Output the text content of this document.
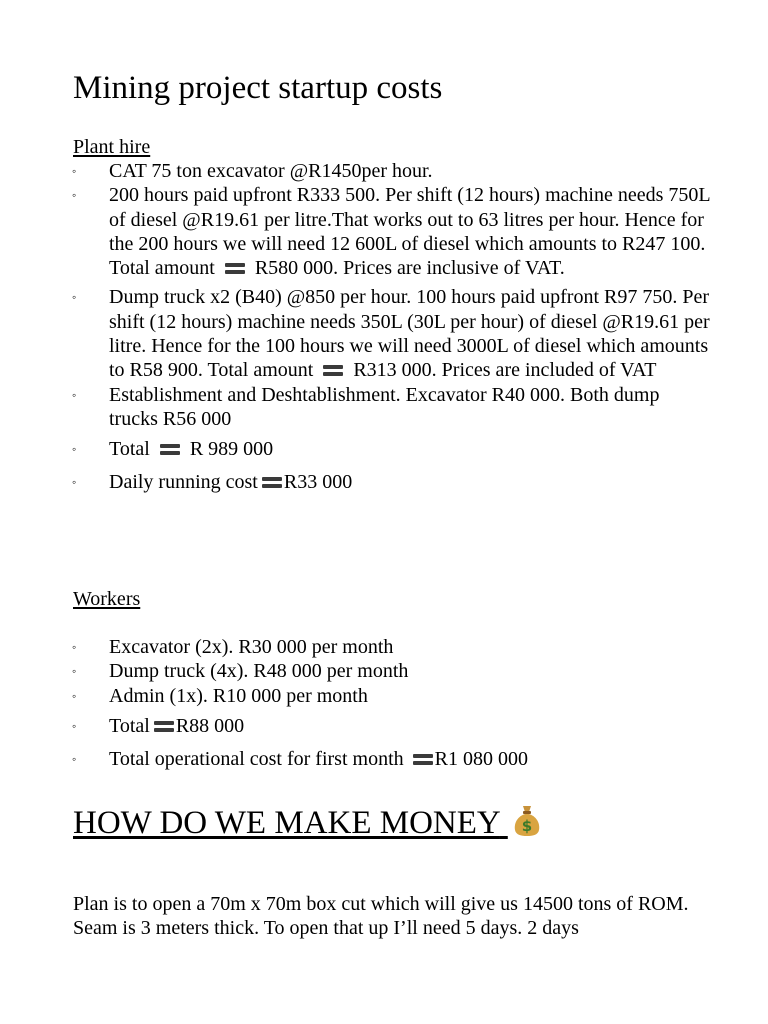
Mining project startup costs
Plant hire
◦ CAT 75 ton excavator @R1450per hour.
◦ 200 hours paid upfront R333 500. Per shift (12 hours) machine needs 750L of diesel @R19.61 per litre.That works out to 63 litres per hour. Hence for the 200 hours we will need 12 600L of diesel which amounts to R247 100. Total amount R580 000. Prices are inclusive of VAT.
◦ Dump truck x2 (B40) @850 per hour. 100 hours paid upfront R97 750. Per shift (12 hours) machine needs 350L (30L per hour) of diesel @R19.61 per litre. Hence for the 100 hours we will need 3000L of diesel which amounts to R58 900. Total amount R313 000. Prices are included of VAT
◦ Establishment and Deshtablishment. Excavator R40 000. Both dump trucks R56 000
◦ Total R 989 000
◦ Daily running cost R33 000
Workers
◦ Excavator (2x). R30 000 per month
◦ Dump truck (4x). R48 000 per month
◦ Admin (1x). R10 000 per month
◦ Total R88 000
◦ Total operational cost for first month R1 080 000
HOW DO WE MAKE MONEY $

Plan is to open a 70m x 70m box cut which will give us 14500 tons of ROM. Seam is 3 meters thick. To open that up I’ll need 5 days. 2 days
